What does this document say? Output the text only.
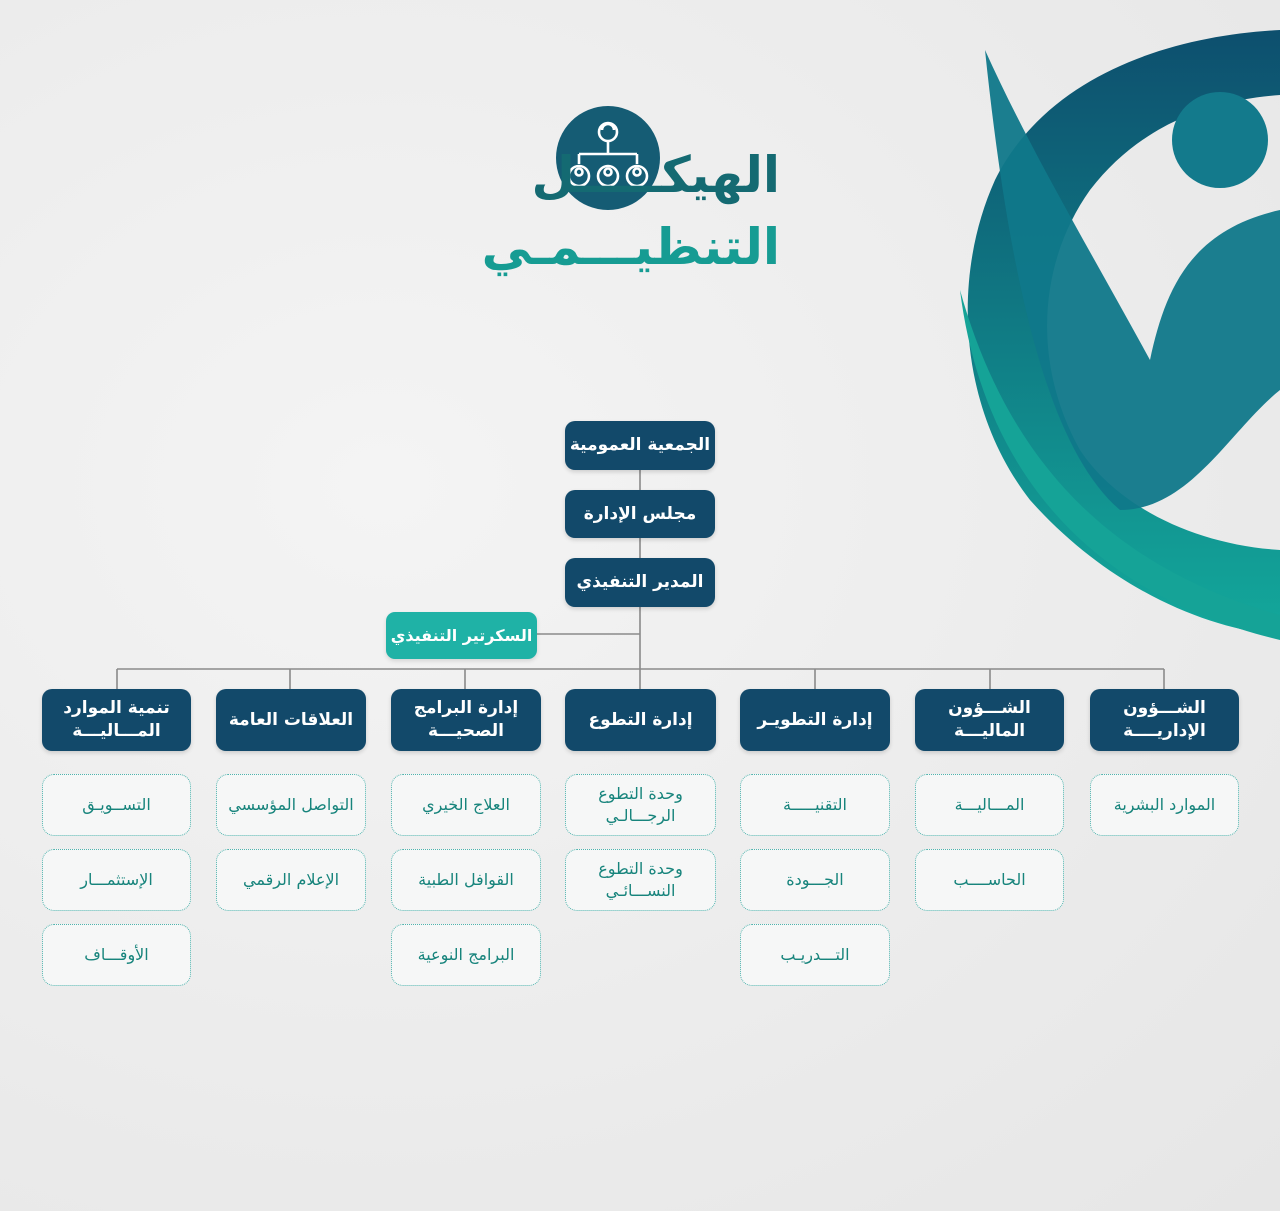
الهيكـــــل
التنظيـــمـي
الجمعية العمومية
مجلس الإدارة
المدير التنفيذي
السكرتير التنفيذي
الشـــؤون
الإداريــــة
الموارد البشرية
الشـــؤون
الماليـــة
المـــاليـــة
الحاســــب
إدارة التطويـر
التقنيـــــة
الجـــودة
التـــدريـب
إدارة التطوع
وحدة التطوع
الرجـــالـي
وحدة التطوع
النســـائـي
إدارة البرامج
الصحيـــة
العلاج الخيري
القوافل الطبية
البرامج النوعية
العلاقات العامة
التواصل المؤسسي
الإعلام الرقمي
تنمية الموارد
المـــاليـــة
التســويـق
الإستثمـــار
الأوقـــاف
